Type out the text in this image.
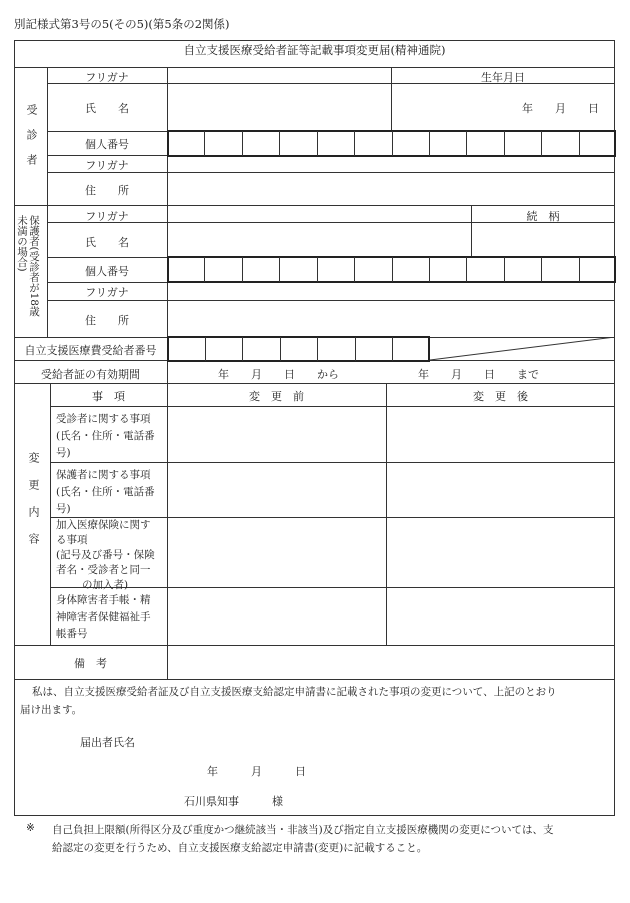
別記様式第3号の5(その5)(第5条の2関係)
自立支援医療受給者証等記載事項変更届(精神通院)
受診者
フリガナ	生年月日
氏　　名	年　　月　　日
個人番号
フリガナ
住　　所
保護者(受診者が18歳未満の場合)	フリガナ	続　柄
氏　　名
個人番号
フリガナ
住　　所
自立支援医療費受給者番号
受給者証の有効期間	年　　月　　日　　から	年　　月　　日　　まで
変更内容
事　項	変　更　前	変　更　後
受診者に関する事項
(氏名・住所・電話番
号)
保護者に関する事項
(氏名・住所・電話番
号)
加入医療保険に関す
る事項
(記号及び番号・保険
者名・受診者と同一
の加入者)
身体障害者手帳・精
神障害者保健福祉手
帳番号
備　考
私は、自立支援医療受給者証及び自立支援医療支給認定申請書に記載された事項の変更について、上記のとおり
届け出ます。
届出者氏名
年　　　月　　　日
石川県知事　　　様
※ 自己負担上限額(所得区分及び重度かつ継続該当・非該当)及び指定自立支援医療機関の変更については、支
給認定の変更を行うため、自立支援医療支給認定申請書(変更)に記載すること。
